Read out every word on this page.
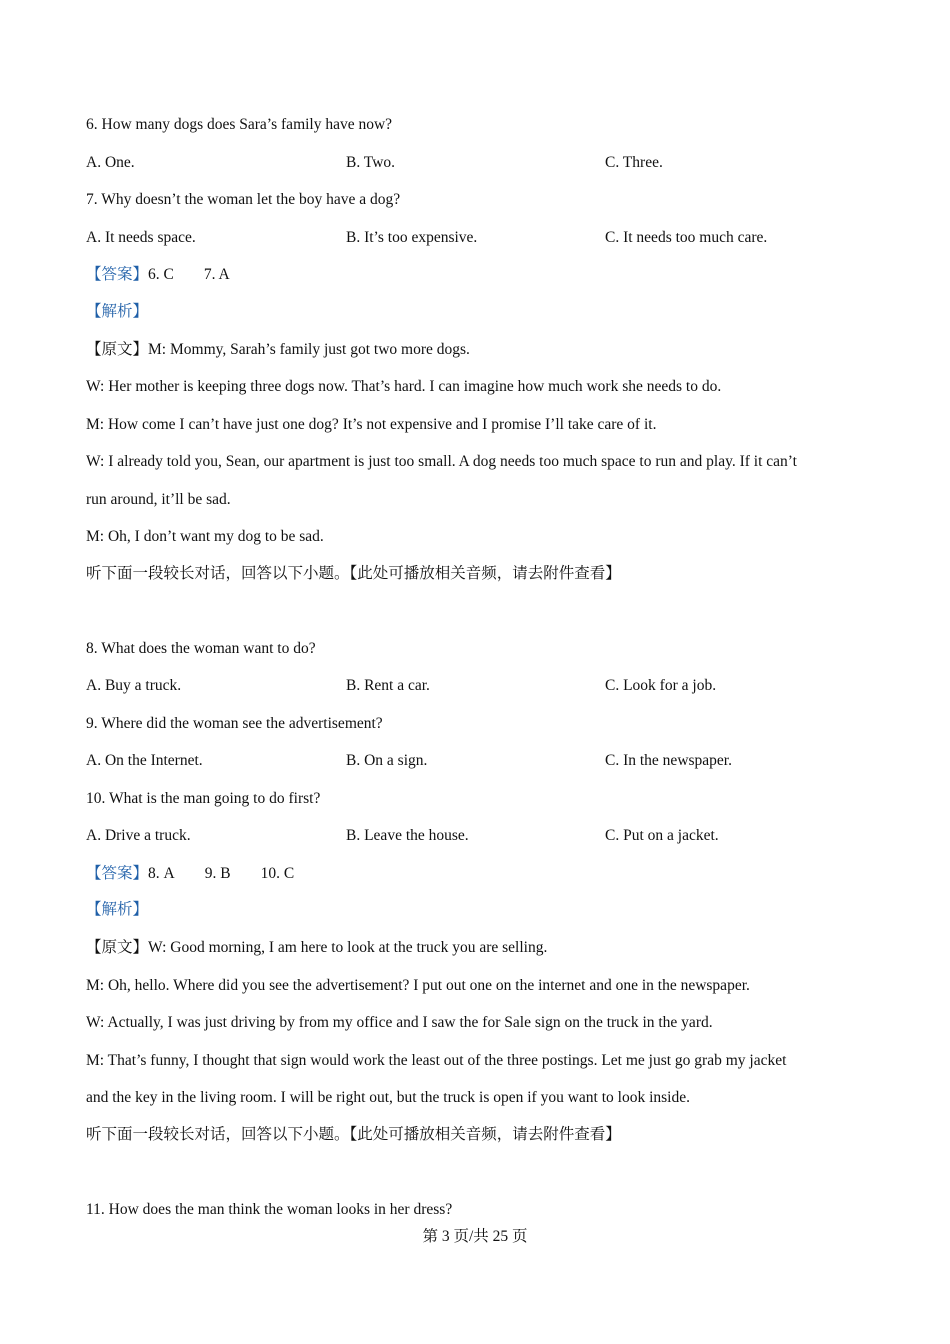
6. How many dogs does Sara’s family have now?
A. One.	B. Two.	C. Three.
7. Why doesn’t the woman let the boy have a dog?
A. It needs space.	B. It’s too expensive.	C. It needs too much care.
【答案】6. C 7. A
【解析】
【原文】M: Mommy, Sarah’s family just got two more dogs.
W: Her mother is keeping three dogs now. That’s hard. I can imagine how much work she needs to do.
M: How come I can’t have just one dog? It’s not expensive and I promise I’ll take care of it.
W: I already told you, Sean, our apartment is just too small. A dog needs too much space to run and play. If it can’t
run around, it’ll be sad.
M: Oh, I don’t want my dog to be sad.
听下面一段较长对话，回答以下小题。【此处可播放相关音频，请去附件查看】
8. What does the woman want to do?
A. Buy a truck.	B. Rent a car.	C. Look for a job.
9. Where did the woman see the advertisement?
A. On the Internet.	B. On a sign.	C. In the newspaper.
10. What is the man going to do first?
A. Drive a truck.	B. Leave the house.	C. Put on a jacket.
【答案】8. A 9. B 10. C
【解析】
【原文】W: Good morning, I am here to look at the truck you are selling.
M: Oh, hello. Where did you see the advertisement? I put out one on the internet and one in the newspaper.
W: Actually, I was just driving by from my office and I saw the for Sale sign on the truck in the yard.
M: That’s funny, I thought that sign would work the least out of the three postings. Let me just go grab my jacket
and the key in the living room. I will be right out, but the truck is open if you want to look inside.
听下面一段较长对话，回答以下小题。【此处可播放相关音频，请去附件查看】
11. How does the man think the woman looks in her dress?
第 3 页/共 25 页
